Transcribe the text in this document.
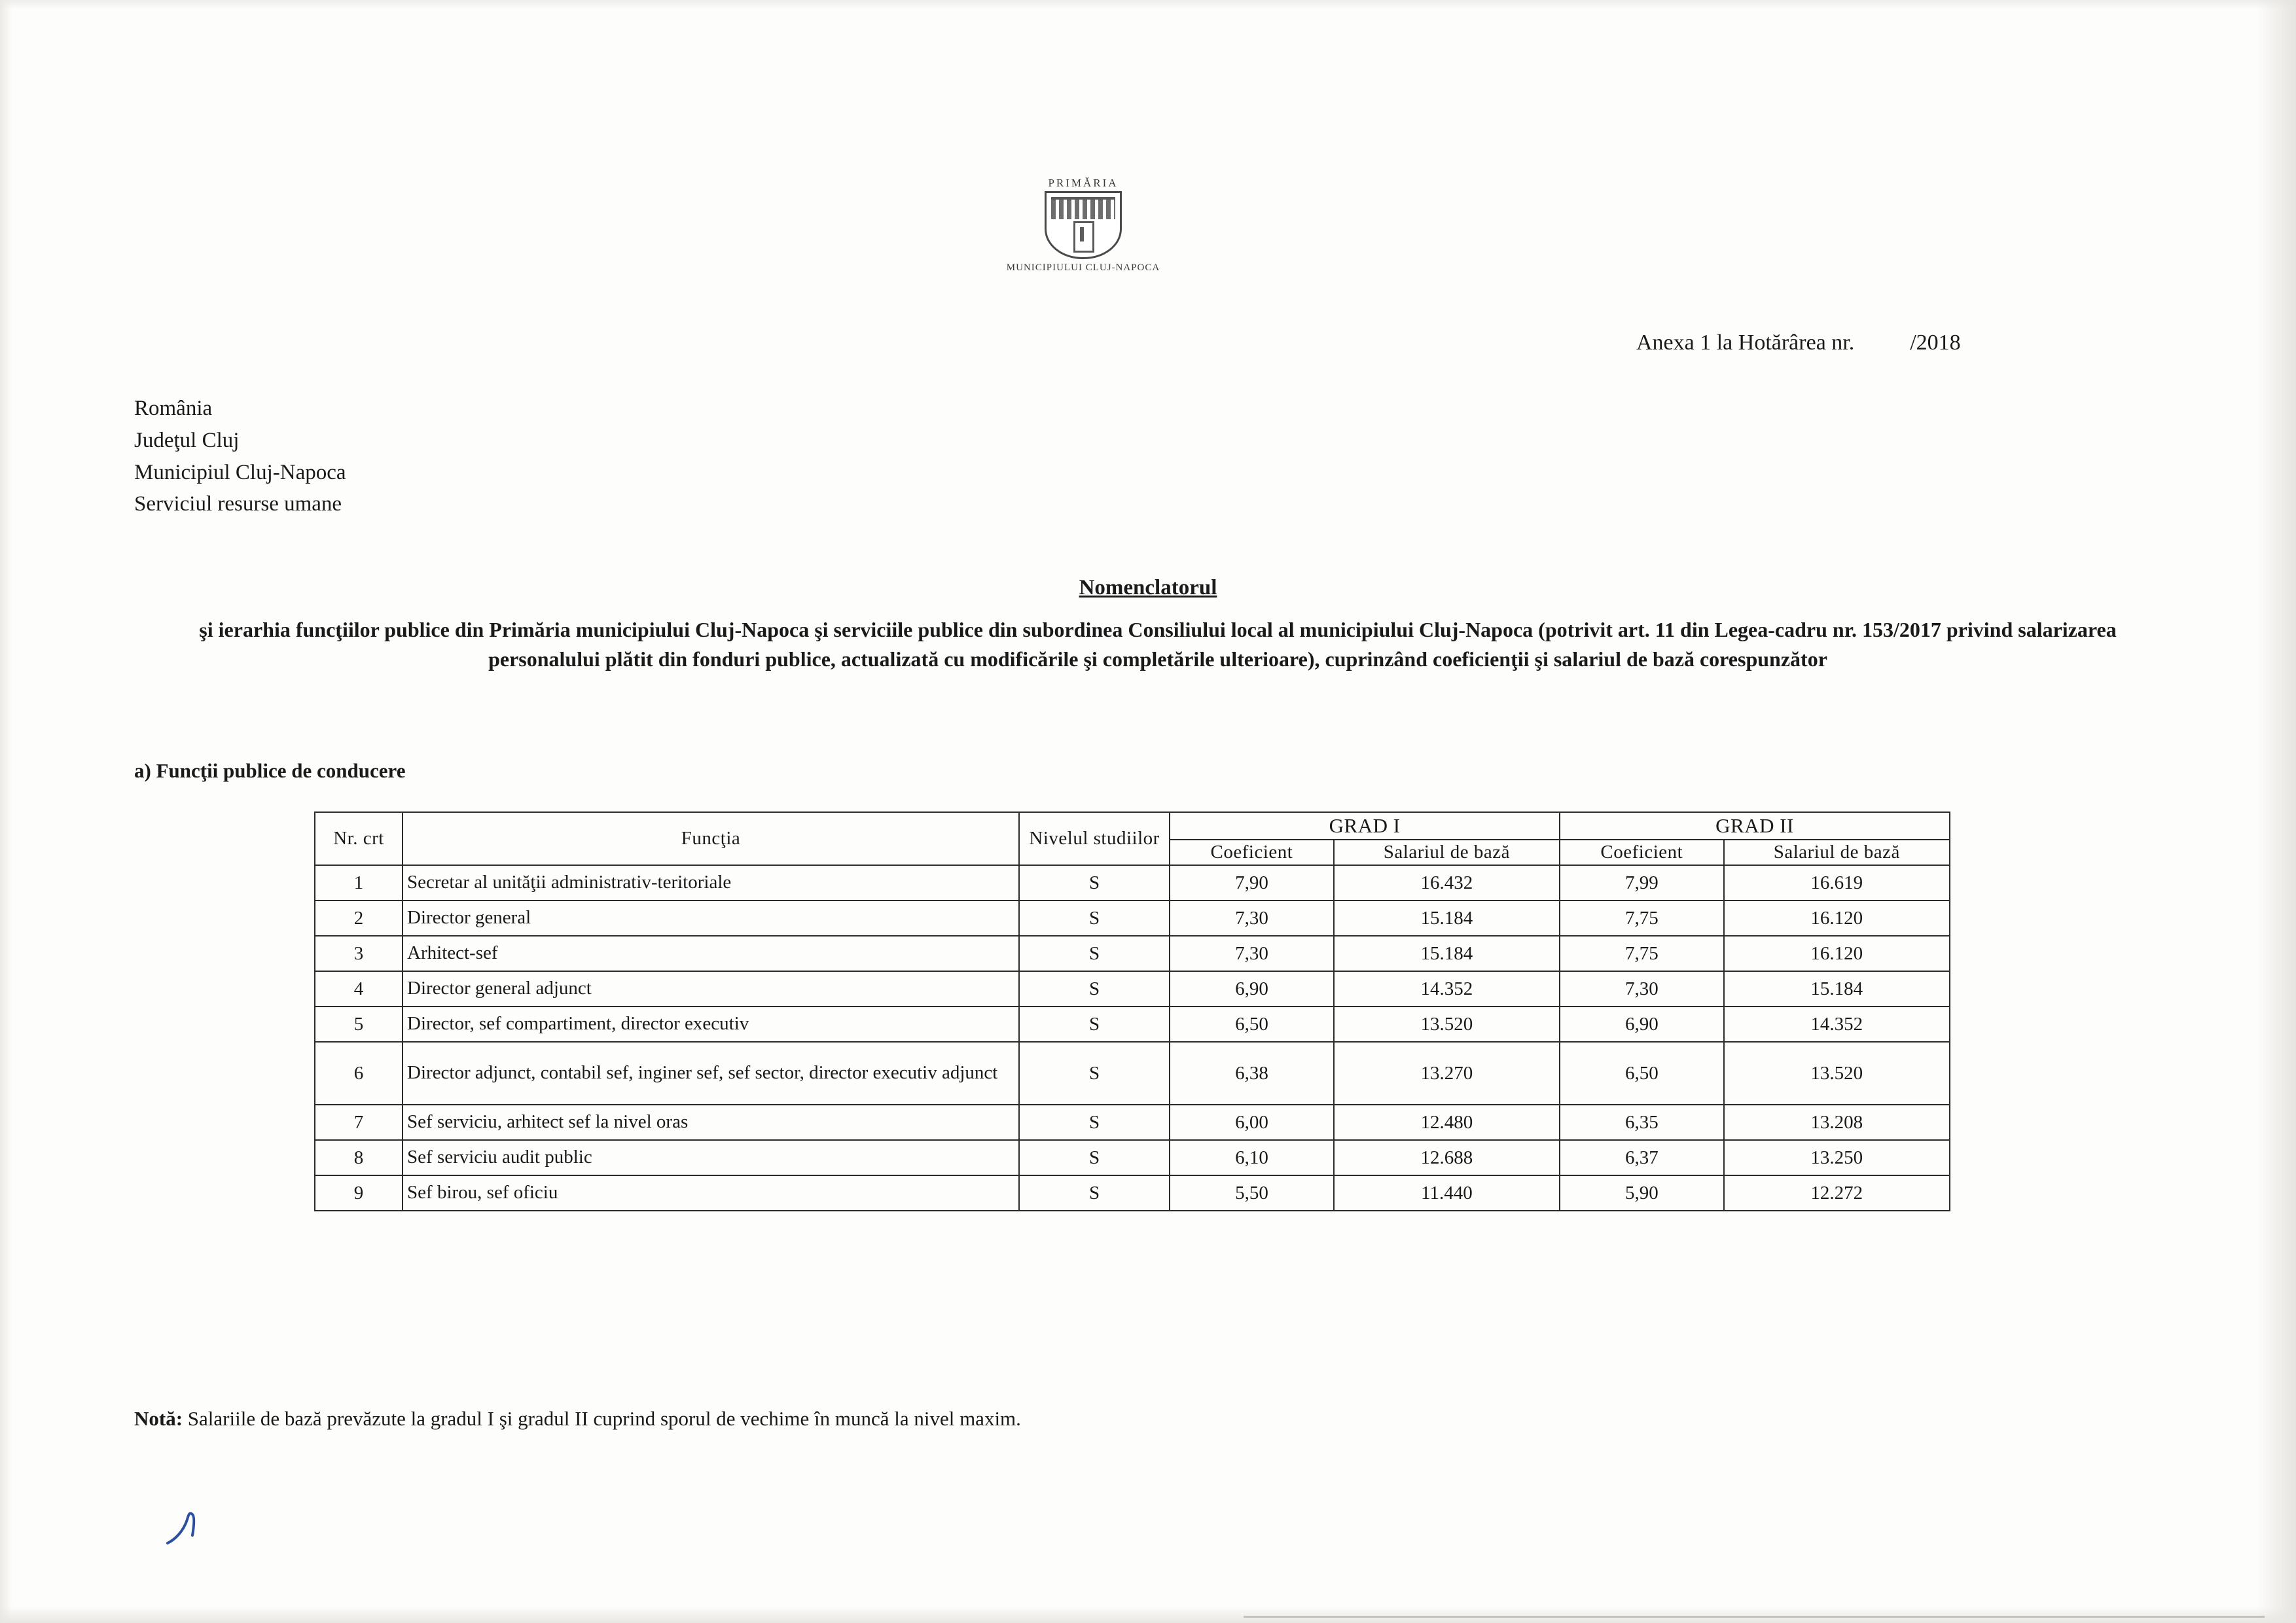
PRIMĂRIA
MUNICIPIULUI CLUJ-NAPOCA
Anexa 1 la Hotărârea nr.          /2018
România
Judeţul Cluj
Municipiul Cluj-Napoca
Serviciul resurse umane
Nomenclatorul
şi ierarhia funcţiilor publice din Primăria municipiului Cluj-Napoca şi serviciile publice din subordinea Consiliului local al municipiului Cluj-Napoca (potrivit art. 11 din Legea-cadru nr. 153/2017 privind salarizarea personalului plătit din fonduri publice, actualizată cu modificările şi completările ulterioare), cuprinzând coeficienţii şi salariul de bază corespunzător
a) Funcţii publice de conducere
Nr. crt	Funcţia	Nivelul studiilor	GRAD I		GRAD II	
			Coeficient	Salariul de bază	Coeficient	Salariul de bază
1	Secretar al unităţii administrativ-teritoriale	S	7,90	16.432	7,99	16.619
2	Director general	S	7,30	15.184	7,75	16.120
3	Arhitect-sef	S	7,30	15.184	7,75	16.120
4	Director general adjunct	S	6,90	14.352	7,30	15.184
5	Director, sef compartiment, director executiv	S	6,50	13.520	6,90	14.352
6	Director adjunct, contabil sef, inginer sef, sef sector, director executiv adjunct	S	6,38	13.270	6,50	13.520
7	Sef serviciu, arhitect sef la nivel oras	S	6,00	12.480	6,35	13.208
8	Sef serviciu audit public	S	6,10	12.688	6,37	13.250
9	Sef birou, sef oficiu	S	5,50	11.440	5,90	12.272
Notă: Salariile de bază prevăzute la gradul I şi gradul II cuprind sporul de vechime în muncă la nivel maxim.
